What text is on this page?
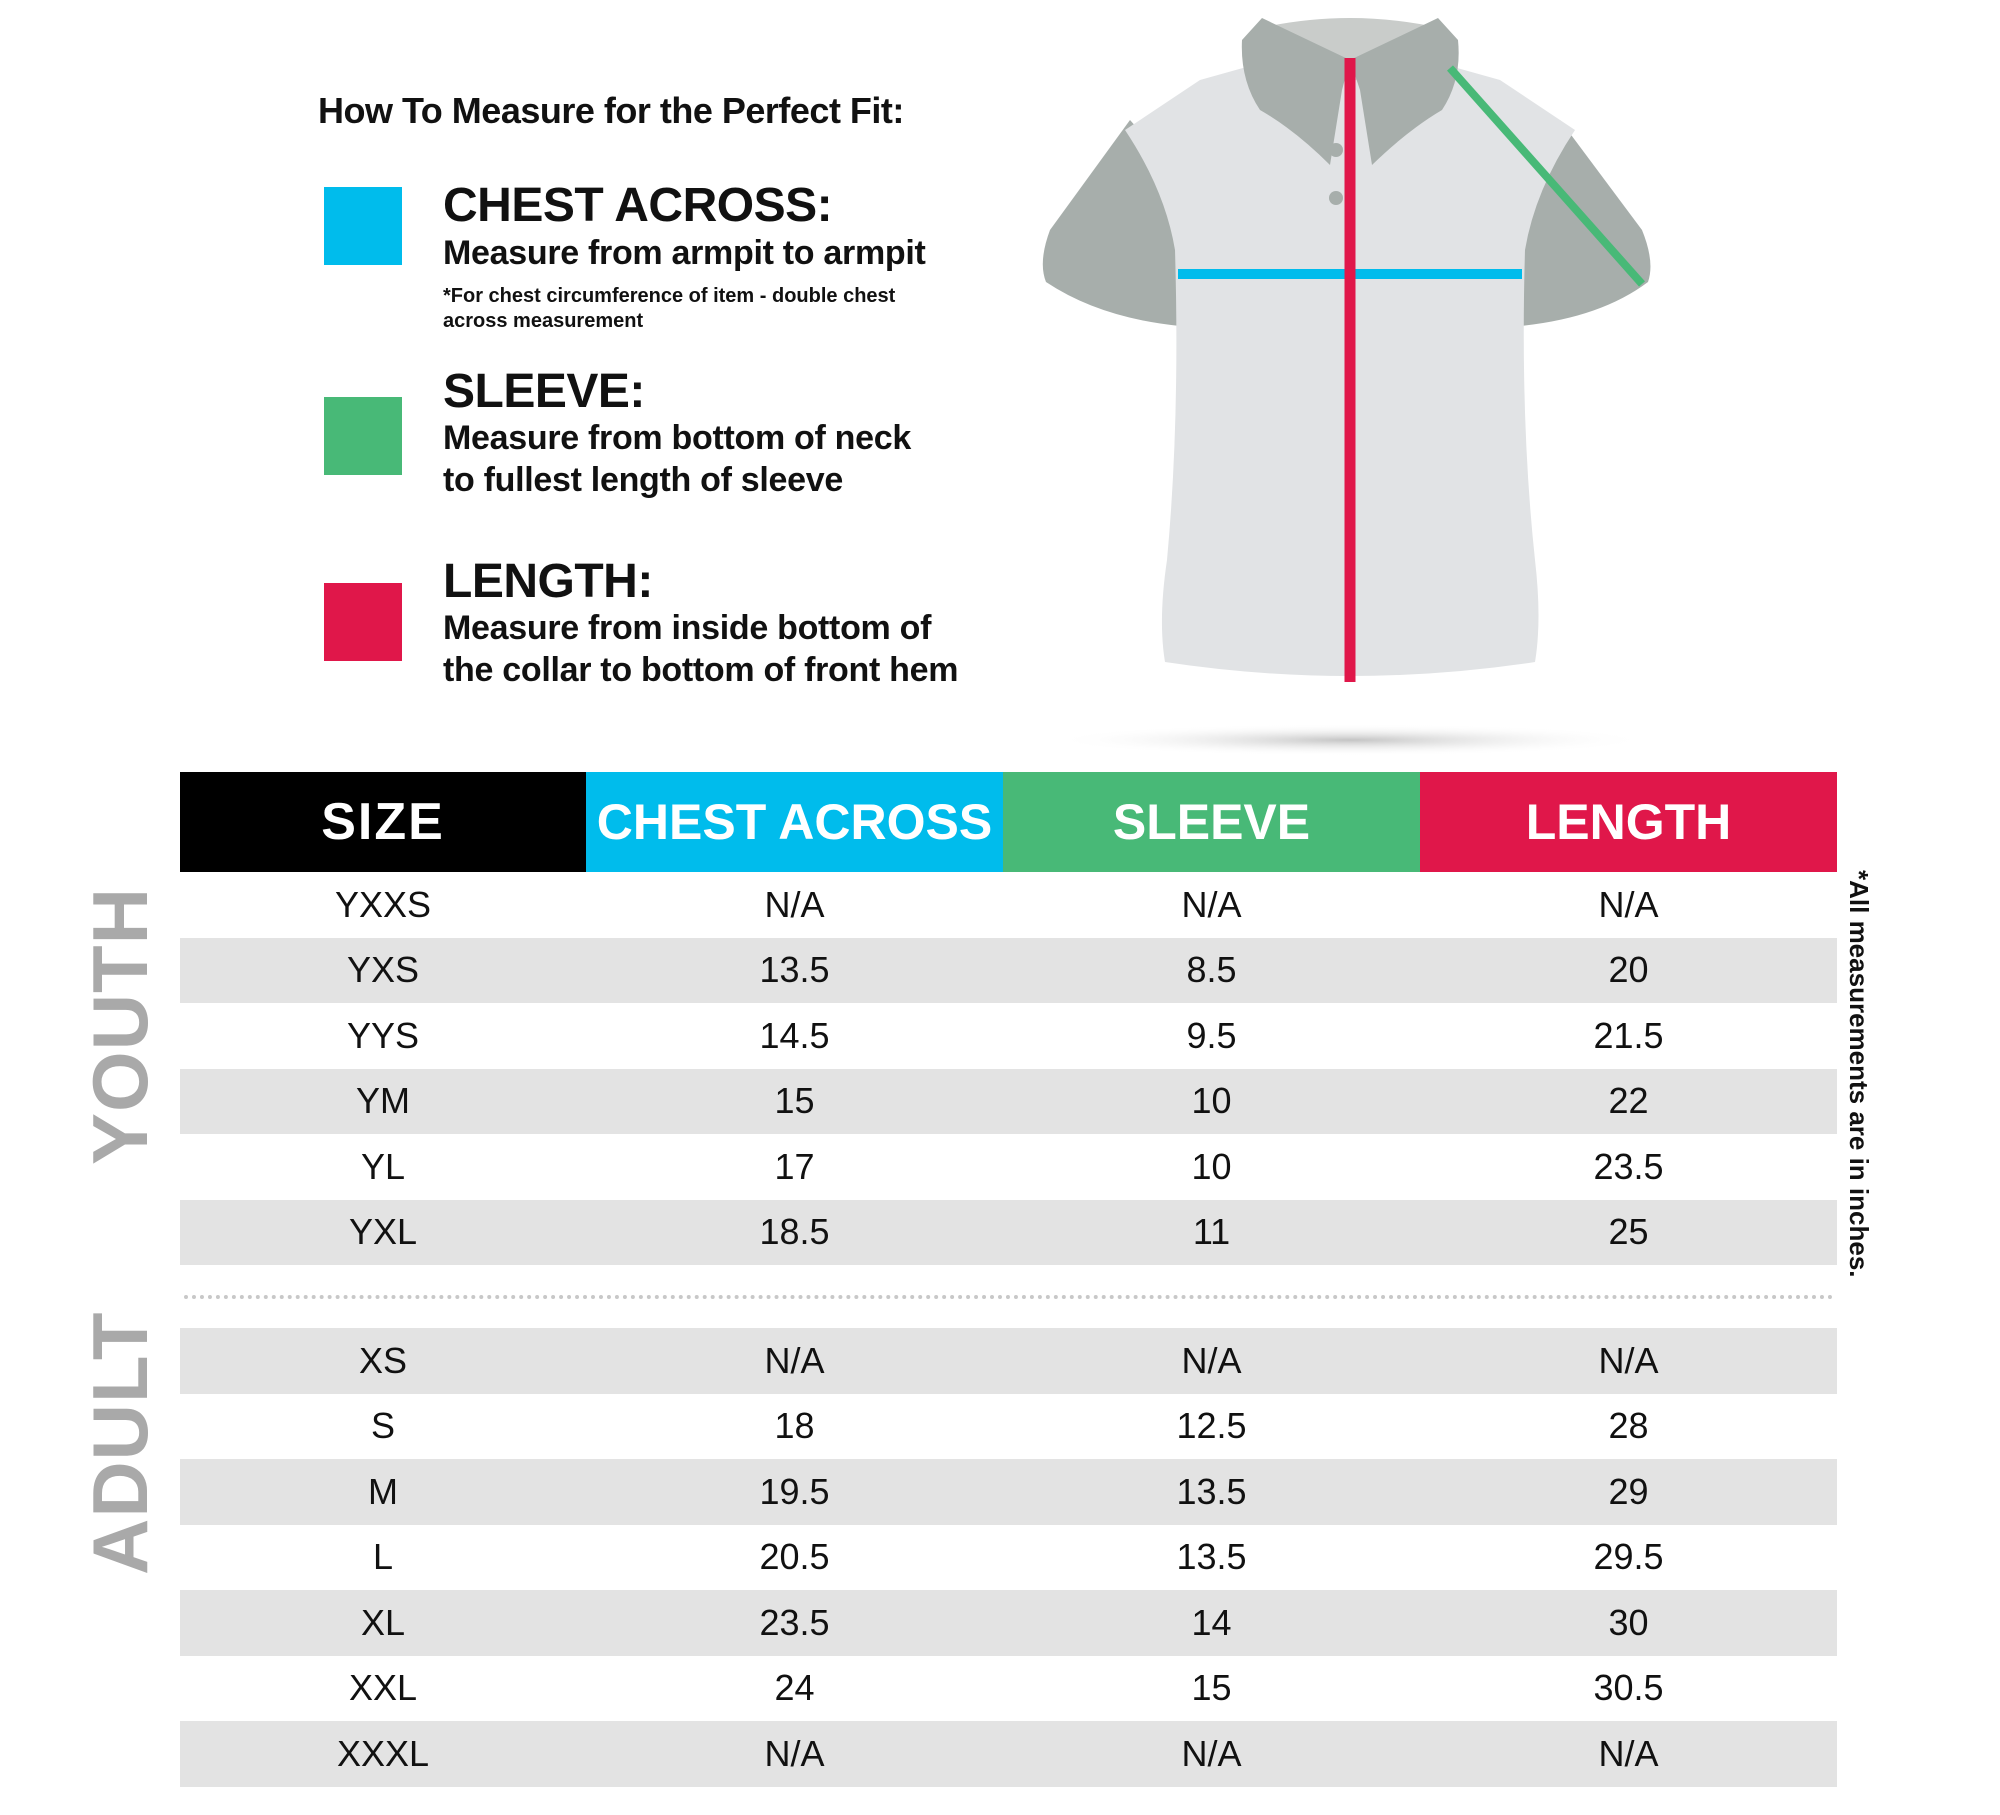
How To Measure for the Perfect Fit:
CHEST ACROSS:
Measure from armpit to armpit
*For chest circumference of item - double chest across measurement
SLEEVE:
Measure from bottom of neck to fullest length of sleeve
LENGTH:
Measure from inside bottom of the collar to bottom of front hem
SIZE	CHEST ACROSS	SLEEVE	LENGTH
YXXS	N/A	N/A	N/A
YXS	13.5	8.5	20
YYS	14.5	9.5	21.5
YM	15	10	22
YL	17	10	23.5
YXL	18.5	11	25
XS	N/A	N/A	N/A
S	18	12.5	28
M	19.5	13.5	29
L	20.5	13.5	29.5
XL	23.5	14	30
XXL	24	15	30.5
XXXL	N/A	N/A	N/A
YOUTH
ADULT
*All measurements are in inches.
